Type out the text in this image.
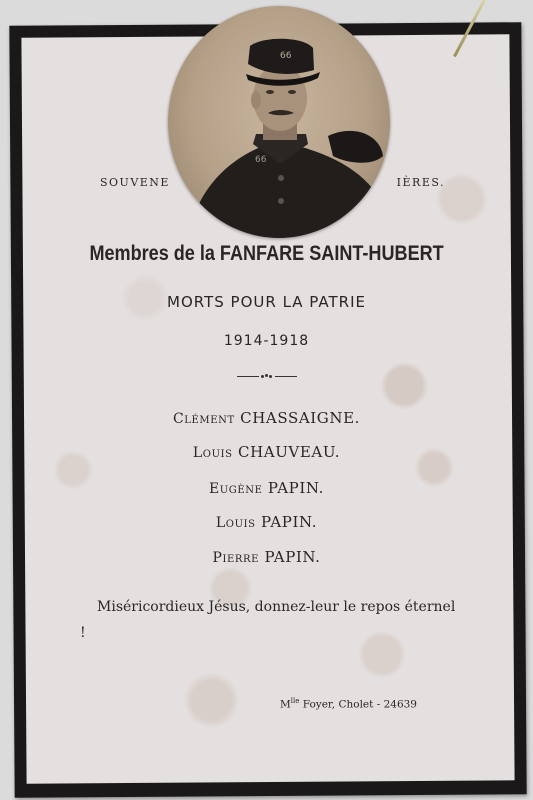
SOUVENE	IÈRES.
66
66
Membres de la FANFARE SAINT-HUBERT
MORTS POUR LA PATRIE
1914-1918
Clément CHASSAIGNE.
Louis CHAUVEAU.
Eugène PAPIN.
Louis PAPIN.
Pierre PAPIN.
Miséricordieux Jésus, donnez-leur le repos éternel !
$M^{lle}$ Foyer, Cholet - 24639
